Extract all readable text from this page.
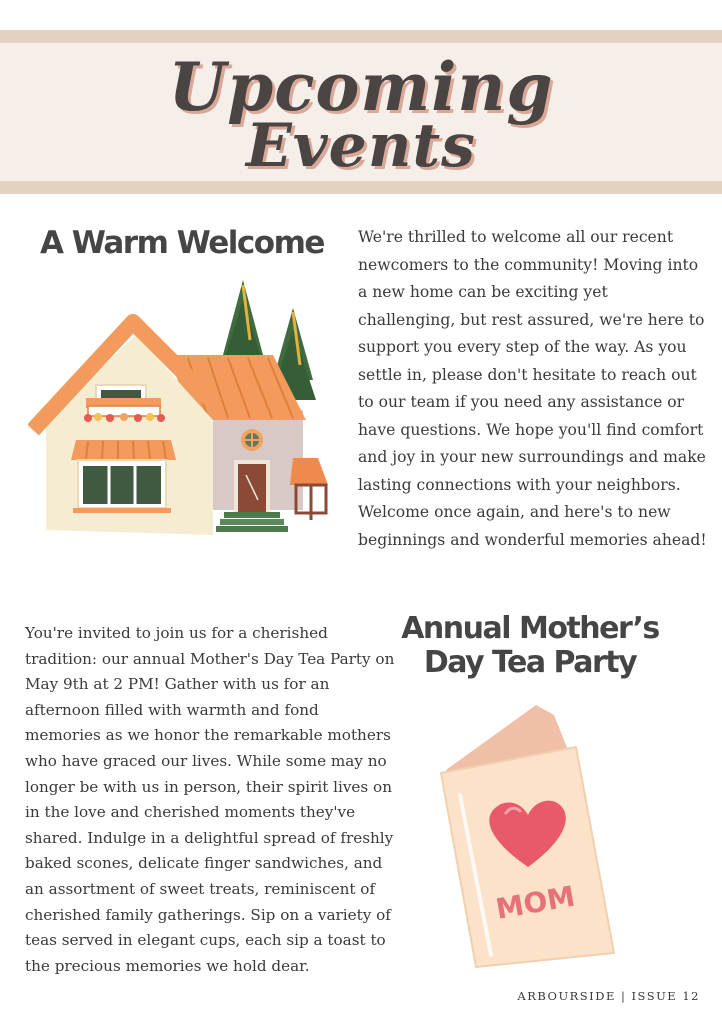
Upcoming
Events
A Warm Welcome We're thrilled to welcome all our recent newcomers to the community! Moving into a new home can be exciting yet challenging, but rest assured, we're here to support you every step of the way. As you settle in, please don't hesitate to reach out to our team if you need any assistance or have questions. We hope you'll find comfort and joy in your new surroundings and make lasting connections with your neighbors.

Welcome once again, and here's to new beginnings and wonderful memories ahead!

You're invited to join us for a cherished tradition: our annual Mother's Day Tea Party on May 9th at 2 PM! Gather with us for an afternoon filled with warmth and fond memories as we honor the remarkable mothers who have graced our lives. While some may no longer be with us in person, their spirit lives on in the love and cherished moments they've shared. Indulge in a delightful spread of freshly baked scones, delicate finger sandwiches, and an assortment of sweet treats, reminiscent of cherished family gatherings. Sip on a variety of teas served in elegant cups, each sip a toast to the precious memories we hold dear.
Annual Mother’s
Day Tea Party
MOM
ARBOURSIDE | ISSUE 12
